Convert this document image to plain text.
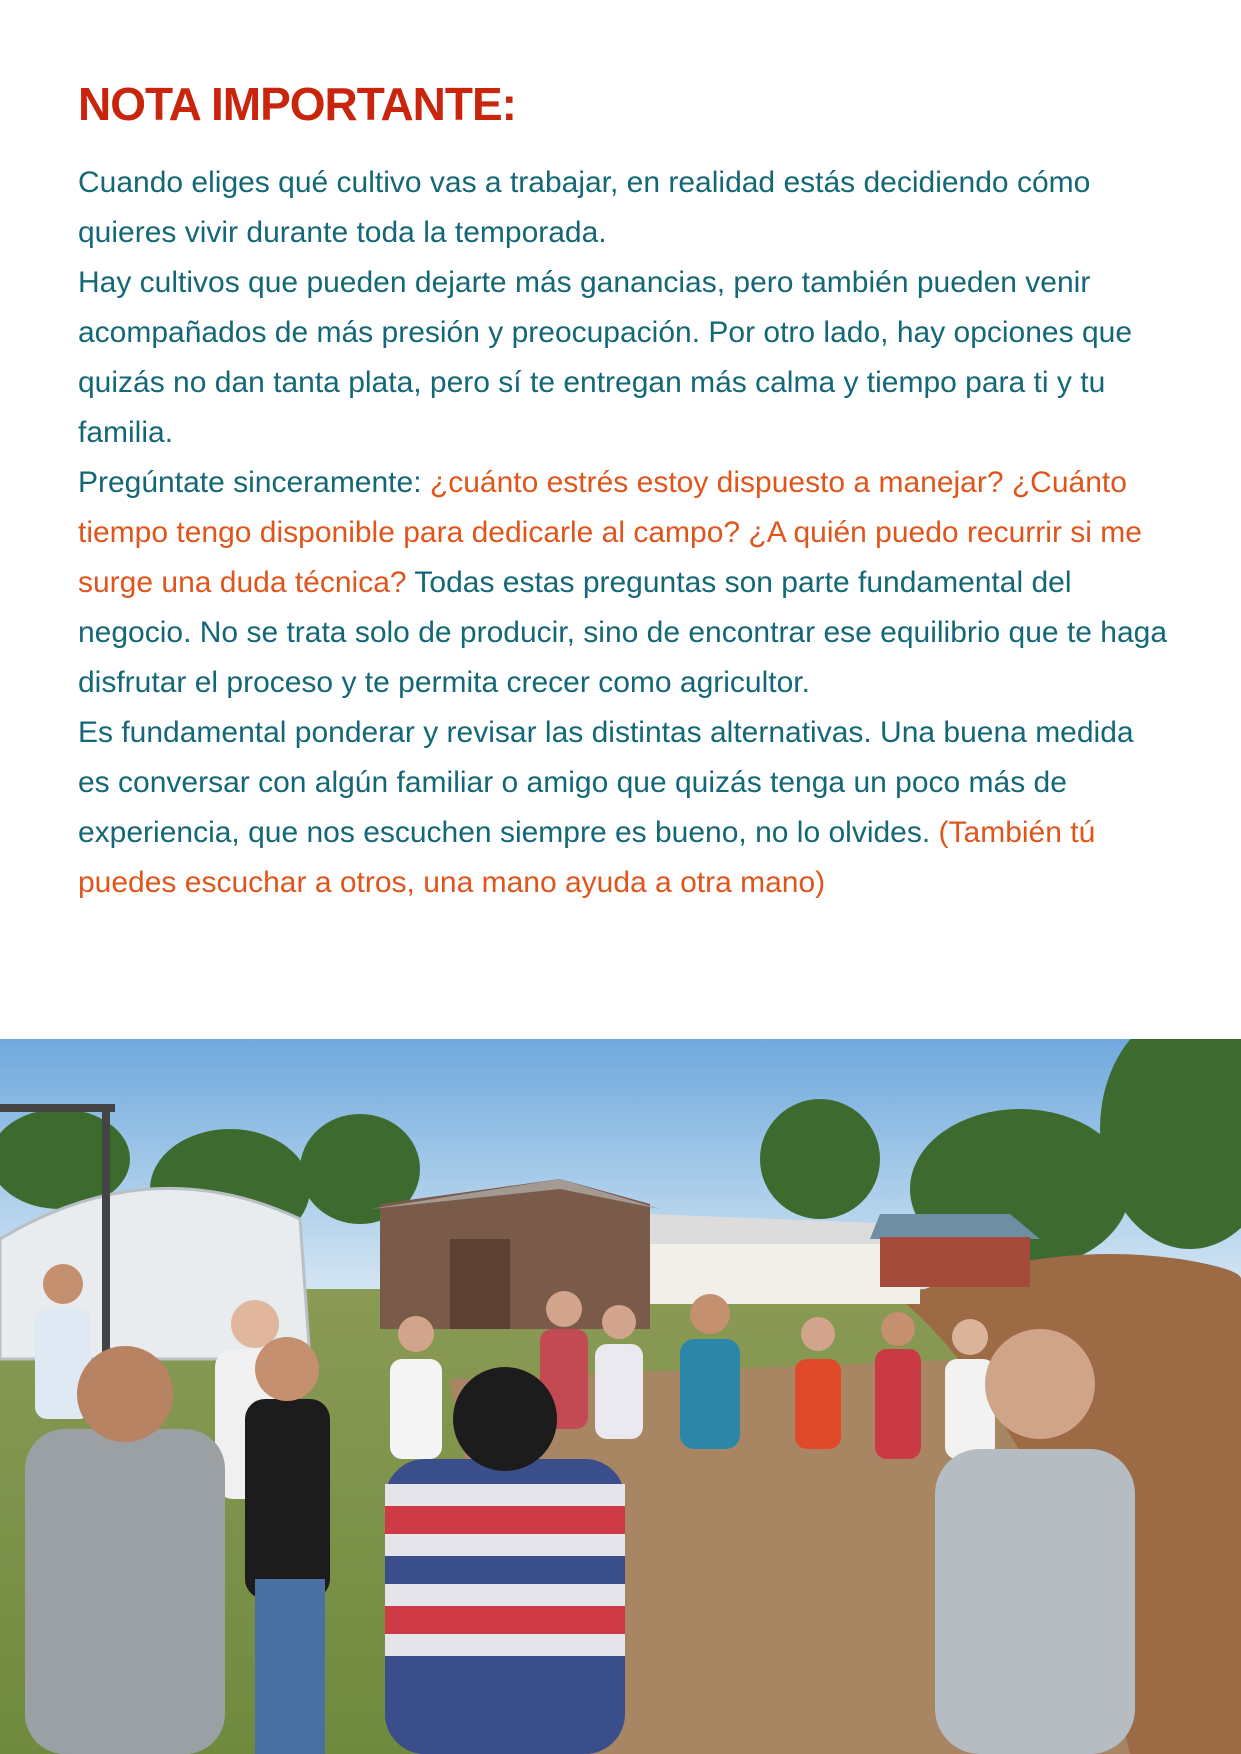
NOTA IMPORTANTE:

Cuando eliges qué cultivo vas a trabajar, en realidad estás decidiendo cómo quieres vivir durante toda la temporada.

Hay cultivos que pueden dejarte más ganancias, pero también pueden venir acompañados de más presión y preocupación. Por otro lado, hay opciones que quizás no dan tanta plata, pero sí te entregan más calma y tiempo para ti y tu familia.

Pregúntate sinceramente: ¿cuánto estrés estoy dispuesto a manejar? ¿Cuánto tiempo tengo disponible para dedicarle al campo? ¿A quién puedo recurrir si me surge una duda técnica? Todas estas preguntas son parte fundamental del negocio. No se trata solo de producir, sino de encontrar ese equilibrio que te haga disfrutar el proceso y te permita crecer como agricultor.

Es fundamental ponderar y revisar las distintas alternativas. Una buena medida es conversar con algún familiar o amigo que quizás tenga un poco más de experiencia, que nos escuchen siempre es bueno, no lo olvides. (También tú puedes escuchar a otros, una mano ayuda a otra mano)
